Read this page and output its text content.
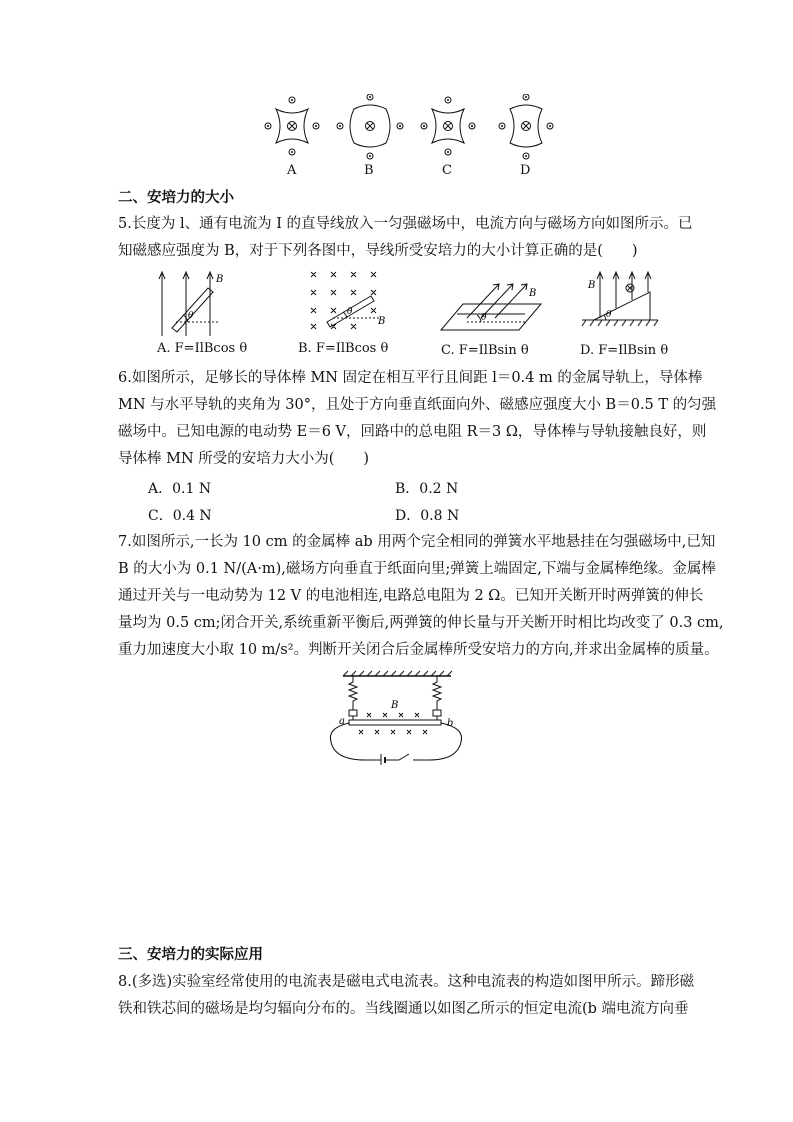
A	B	C	D
二、安培力的大小
5.长度为 l、通有电流为 I 的直导线放入一匀强磁场中，电流方向与磁场方向如图所示。已
知磁感应强度为 B，对于下列各图中，导线所受安培力的大小计算正确的是(　　)
B
θ	B
θ
B
θ
B
θ
A. F=IlBcos θ	B. F=IlBcos θ	C. F=IlBsin θ	D. F=IlBsin θ
6.如图所示，足够长的导体棒 MN 固定在相互平行且间距 l＝0.4 m 的金属导轨上，导体棒
MN 与水平导轨的夹角为 30°，且处于方向垂直纸面向外、磁感应强度大小 B＝0.5 T 的匀强
磁场中。已知电源的电动势 E＝6 V，回路中的总电阻 R＝3 Ω，导体棒与导轨接触良好，则
导体棒 MN 所受的安培力大小为(　　)
A．0.1 N	B．0.2 N
C．0.4 N	D．0.8 N
7.如图所示,一长为 10 cm 的金属棒 ab 用两个完全相同的弹簧水平地悬挂在匀强磁场中,已知
B 的大小为 0.1 N/(A·m),磁场方向垂直于纸面向里;弹簧上端固定,下端与金属棒绝缘。金属棒
通过开关与一电动势为 12 V 的电池相连,电路总电阻为 2 Ω。已知开关断开时两弹簧的伸长
量均为 0.5 cm;闭合开关,系统重新平衡后,两弹簧的伸长量与开关断开时相比均改变了 0.3 cm,
重力加速度大小取 10 m/s²。判断开关闭合后金属棒所受安培力的方向,并求出金属棒的质量。
a	b
B
三、安培力的实际应用
8.(多选)实验室经常使用的电流表是磁电式电流表。这种电流表的构造如图甲所示。蹄形磁
铁和铁芯间的磁场是均匀辐向分布的。当线圈通以如图乙所示的恒定电流(b 端电流方向垂
